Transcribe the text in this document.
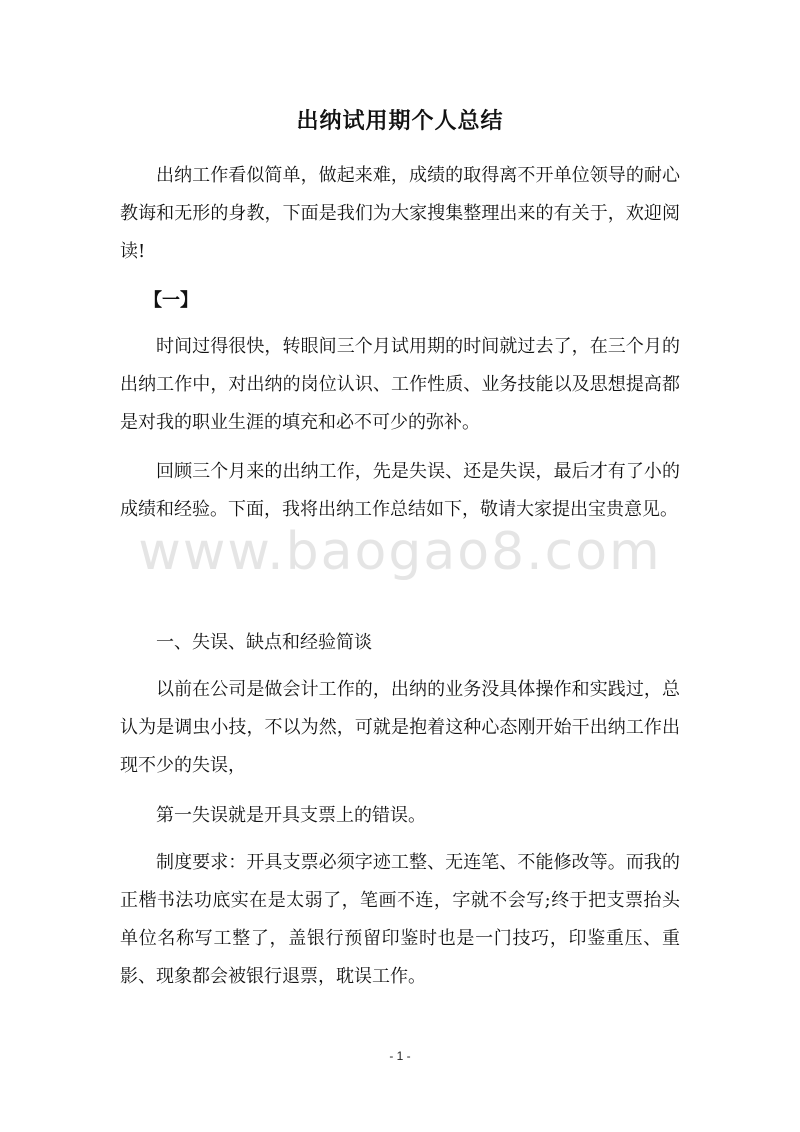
出纳试用期个人总结

出纳工作看似简单，做起来难，成绩的取得离不开单位领导的耐心教诲和无形的身教，下面是我们为大家搜集整理出来的有关于，欢迎阅读!

【一】

时间过得很快，转眼间三个月试用期的时间就过去了，在三个月的出纳工作中，对出纳的岗位认识、工作性质、业务技能以及思想提高都是对我的职业生涯的填充和必不可少的弥补。

回顾三个月来的出纳工作，先是失误、还是失误，最后才有了小的成绩和经验。下面，我将出纳工作总结如下，敬请大家提出宝贵意见。

www.baogao8.com

一、失误、缺点和经验简谈

以前在公司是做会计工作的，出纳的业务没具体操作和实践过，总认为是调虫小技，不以为然，可就是抱着这种心态刚开始干出纳工作出现不少的失误，

第一失误就是开具支票上的错误。

制度要求：开具支票必须字迹工整、无连笔、不能修改等。而我的正楷书法功底实在是太弱了，笔画不连，字就不会写;终于把支票抬头单位名称写工整了，盖银行预留印鉴时也是一门技巧，印鉴重压、重影、现象都会被银行退票，耽误工作。

- 1 -
